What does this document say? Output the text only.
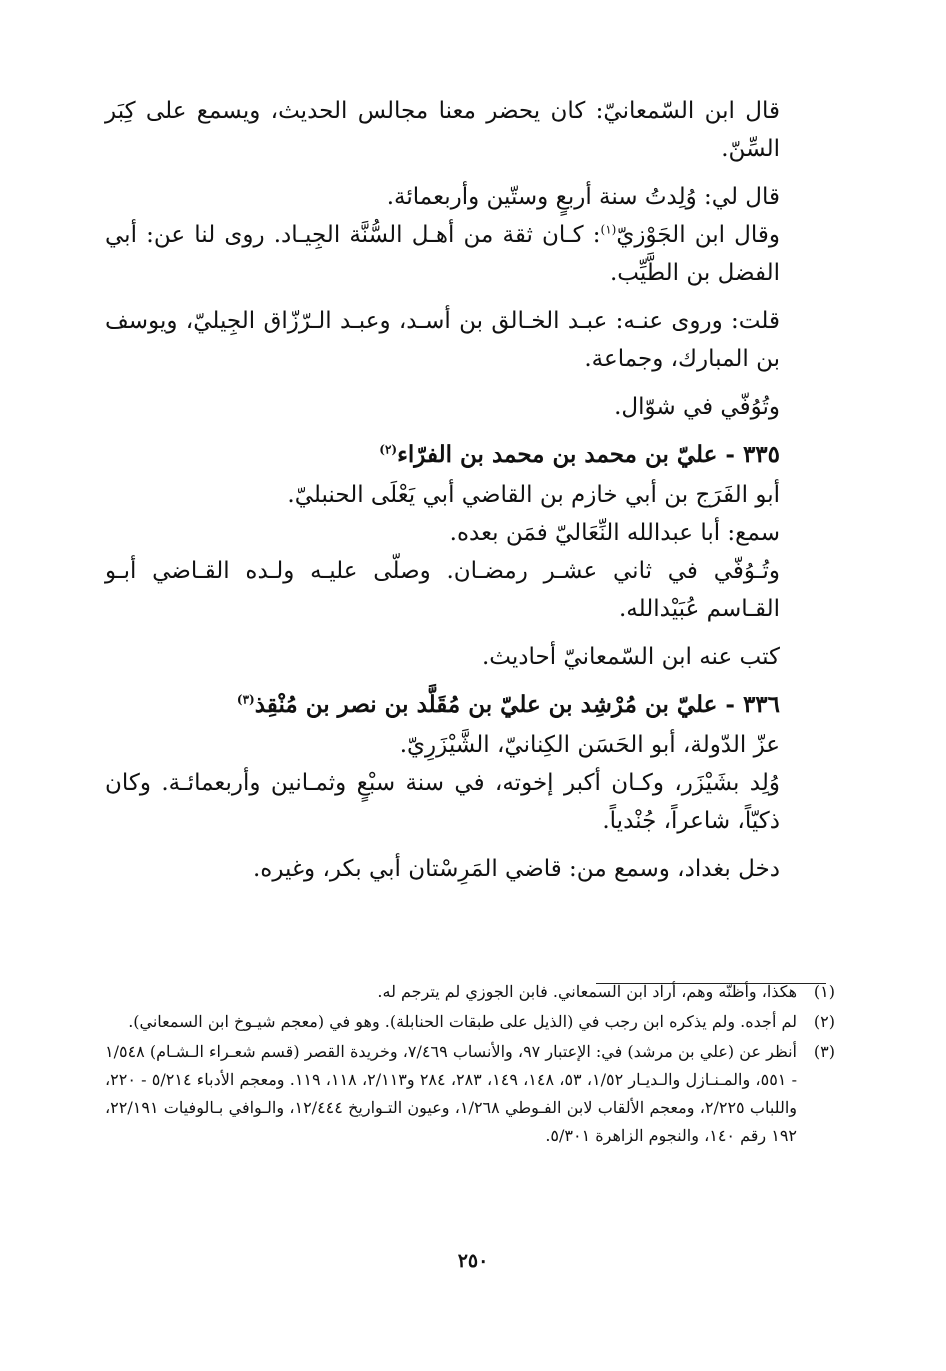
قال ابن السّمعانيّ: كان يحضر معنا مجالس الحديث، ويسمع على كِبَر السِّنّ.

قال لي: وُلِدتُ سنة أربعٍ وستّين وأربعمائة.

وقال ابن الجَوْزيّ$^{(١)}$: كـان ثقة من أهـل السُّنَّة الجِيـاد. روى لنا عن: أبي الفضل بن الطَّيِّب.

قلت: وروى عنـه: عبـد الخـالق بن أسـد، وعبـد الـرّزّاق الجِيليّ، ويوسف بن المبارك، وجماعة.

وتُوُفّي في شوّال.

٣٣٥ - عليّ بن محمد بن محمد بن الفرّاء$^{(٢)}$

أبو الفَرَج بن أبي خازم بن القاضي أبي يَعْلَى الحنبليّ.

سمع: أبا عبدالله النِّعَاليّ فمَن بعده.

وتُـوُفّي في ثاني عشـر رمضـان. وصلّى عليـه ولـده القـاضي أبـو القـاسم عُبَيْدالله.

كتب عنه ابن السّمعانيّ أحاديث.

٣٣٦ - عليّ بن مُرْشِد بن عليّ بن مُقَلَّد بن نصر بن مُنْقِذ$^{(٣)}$

عزّ الدّولة، أبو الحَسَن الكِنانيّ، الشَّيْزَرِيّ.

وُلِد بشَيْزَر، وكـان أكبر إخوته، في سنة سبْعٍ وثمـانين وأربعمائـة. وكان ذكيّاً، شاعراً، جُنْدياً.

دخل بغداد، وسمع من: قاضي المَرِسْتان أبي بكر، وغيره.

(١)
هكذا، وأظنّه وهم، أراد ابن السمعاني. فابن الجوزي لم يترجم له.
(٢)
لم أجده. ولم يذكره ابن رجب في (الذيل على طبقات الحنابلة). وهو في (معجم شيـوخ ابن السمعاني).
(٣)
أنظر عن (علي بن مرشد) في: الإعتبار ٩٧، والأنساب ٧/٤٦٩، وخريدة القصر (قسم شعـراء الـشـام) ١/٥٤٨ - ٥٥١، والمـنـازل والـديـار ١/٥٢، ٥٣، ١٤٨، ١٤٩، ٢٨٣، ٢٨٤ و٢/١١٣، ١١٨، ١١٩. ومعجم الأدباء ٥/٢١٤ - ٢٢٠، واللباب ٢/٢٢٥، ومعجم الألقاب لابن الفـوطي ١/٢٦٨، وعيون التـواريخ ١٢/٤٤٤، والـوافي بـالوفيات ٢٢/١٩١، ١٩٢ رقم ١٤٠، والنجوم الزاهرة ٥/٣٠١.
٢٥٠
